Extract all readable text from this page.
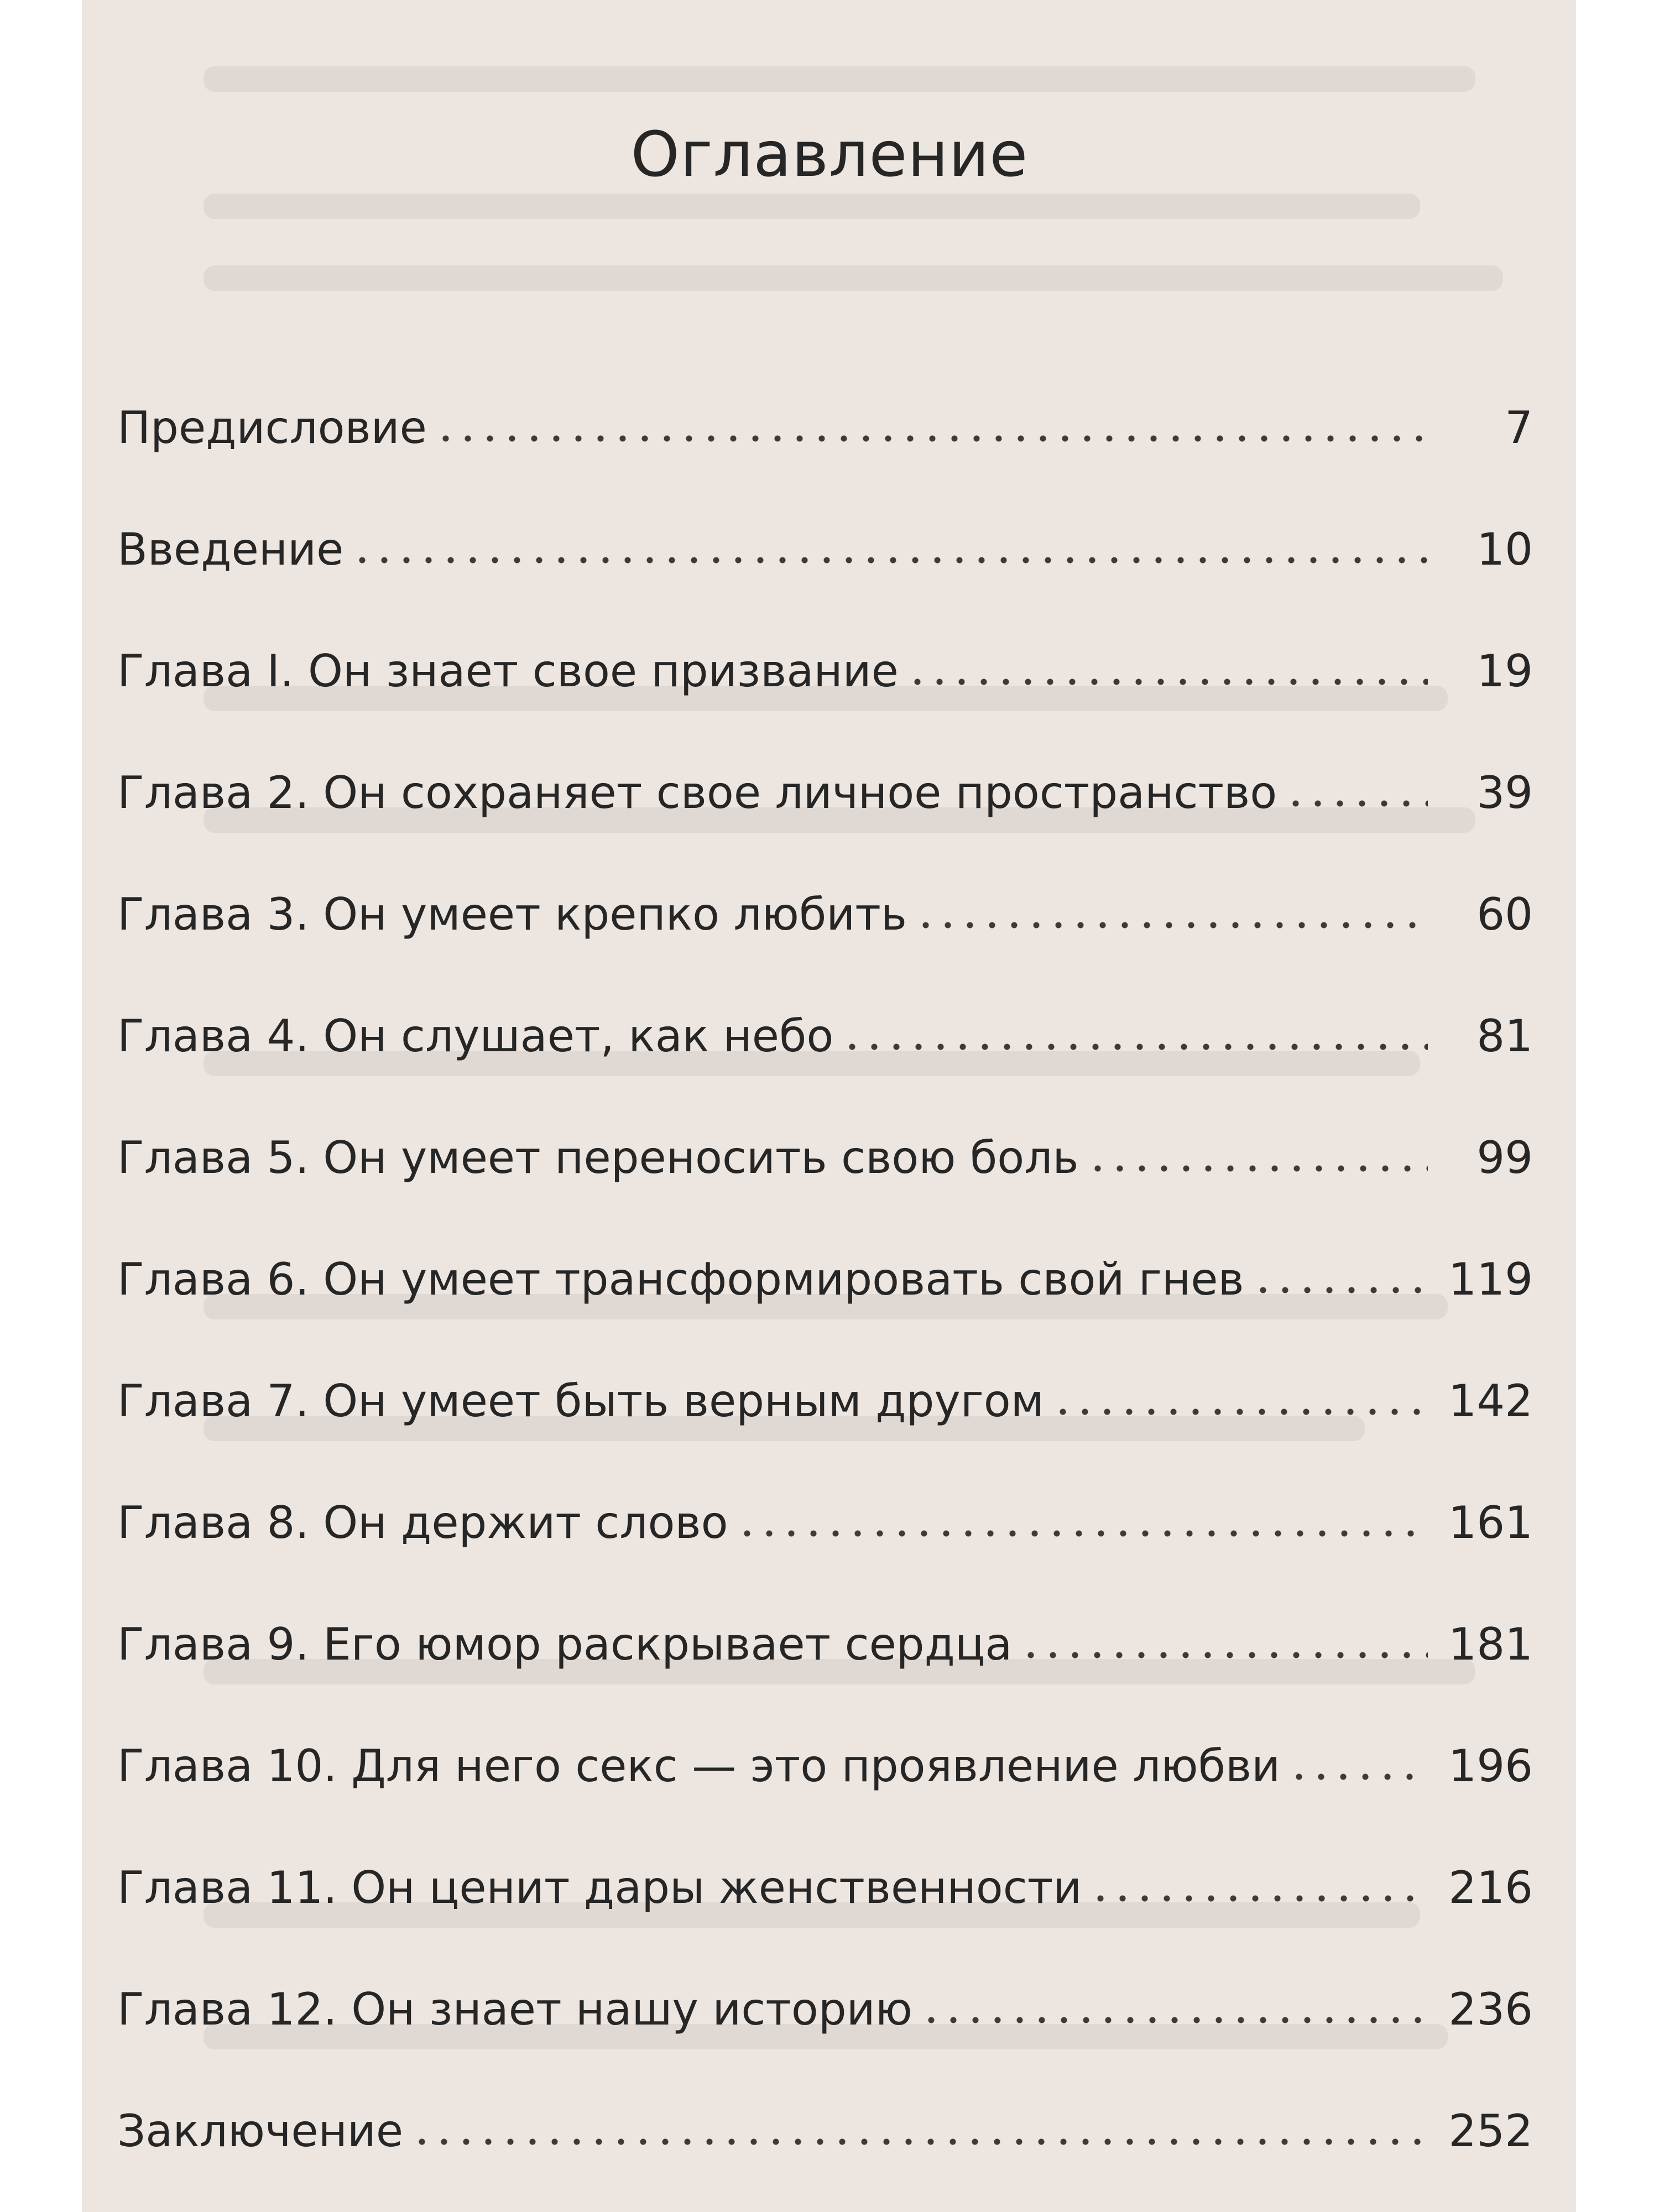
Оглавление
Предисловие	7
Введение	10
Глава I. Он знает свое призвание	19
Глава 2. Он сохраняет свое личное пространство	39
Глава 3. Он умеет крепко любить	60
Глава 4. Он слушает, как небо	81
Глава 5. Он умеет переносить свою боль	99
Глава 6. Он умеет трансформировать свой гнев	119
Глава 7. Он умеет быть верным другом	142
Глава 8. Он держит слово	161
Глава 9. Его юмор раскрывает сердца	181
Глава 10. Для него секс — это проявление любви	196
Глава 11. Он ценит дары женственности	216
Глава 12. Он знает нашу историю	236
Заключение	252
